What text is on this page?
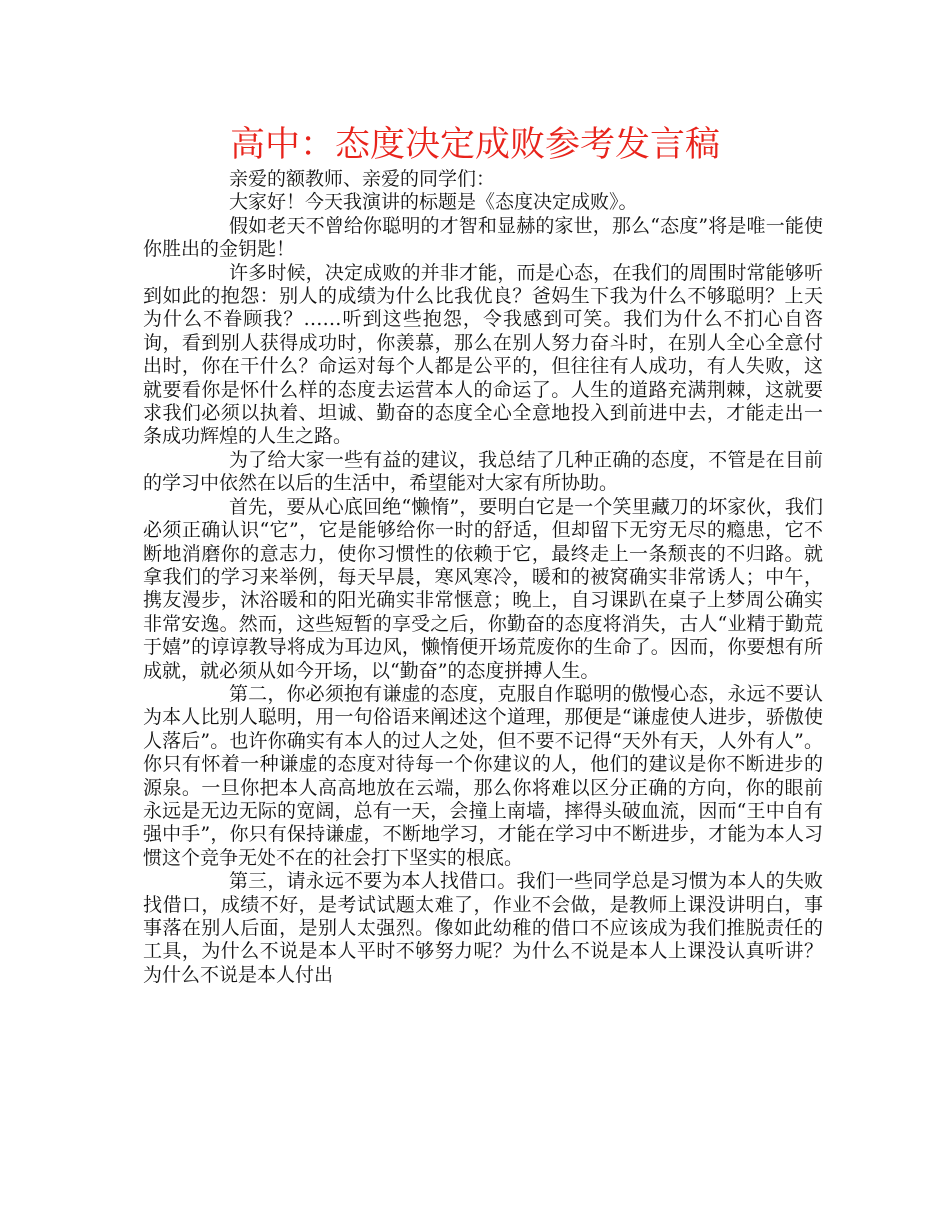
高中：态度决定成败参考发言稿

亲爱的额教师、亲爱的同学们：

大家好！今天我演讲的标题是《态度决定成败》。

假如老天不曾给你聪明的才智和显赫的家世，那么“态度”将是唯一能使你胜出的金钥匙！

许多时候，决定成败的并非才能，而是心态，在我们的周围时常能够听到如此的抱怨：别人的成绩为什么比我优良？爸妈生下我为什么不够聪明？上天为什么不眷顾我？……听到这些抱怨，令我感到可笑。我们为什么不扪心自咨询，看到别人获得成功时，你羡慕，那么在别人努力奋斗时，在别人全心全意付出时，你在干什么？命运对每个人都是公平的，但往往有人成功，有人失败，这就要看你是怀什么样的态度去运营本人的命运了。人生的道路充满荆棘，这就要求我们必须以执着、坦诚、勤奋的态度全心全意地投入到前进中去，才能走出一条成功辉煌的人生之路。

为了给大家一些有益的建议，我总结了几种正确的态度，不管是在目前的学习中依然在以后的生活中，希望能对大家有所协助。

首先，要从心底回绝“懒惰”，要明白它是一个笑里藏刀的坏家伙，我们必须正确认识“它”，它是能够给你一时的舒适，但却留下无穷无尽的瘾患，它不断地消磨你的意志力，使你习惯性的依赖于它，最终走上一条颓丧的不归路。就拿我们的学习来举例，每天早晨，寒风寒冷，暖和的被窝确实非常诱人；中午，携友漫步，沐浴暖和的阳光确实非常惬意；晚上，自习课趴在桌子上梦周公确实非常安逸。然而，这些短暂的享受之后，你勤奋的态度将消失，古人“业精于勤荒于嬉”的谆谆教导将成为耳边风，懒惰便开场荒废你的生命了。因而，你要想有所成就，就必须从如今开场，以“勤奋”的态度拼搏人生。

第二，你必须抱有谦虚的态度，克服自作聪明的傲慢心态，永远不要认为本人比别人聪明，用一句俗语来阐述这个道理，那便是“谦虚使人进步，骄傲使人落后”。也许你确实有本人的过人之处，但不要不记得“天外有天，人外有人”。你只有怀着一种谦虚的态度对待每一个你建议的人，他们的建议是你不断进步的源泉。一旦你把本人高高地放在云端，那么你将难以区分正确的方向，你的眼前永远是无边无际的宽阔，总有一天，会撞上南墙，摔得头破血流，因而“王中自有强中手”，你只有保持谦虚，不断地学习，才能在学习中不断进步，才能为本人习惯这个竞争无处不在的社会打下坚实的根底。

第三，请永远不要为本人找借口。我们一些同学总是习惯为本人的失败找借口，成绩不好，是考试试题太难了，作业不会做，是教师上课没讲明白，事事落在别人后面，是别人太强烈。像如此幼稚的借口不应该成为我们推脱责任的工具，为什么不说是本人平时不够努力呢？为什么不说是本人上课没认真听讲？为什么不说是本人付出
